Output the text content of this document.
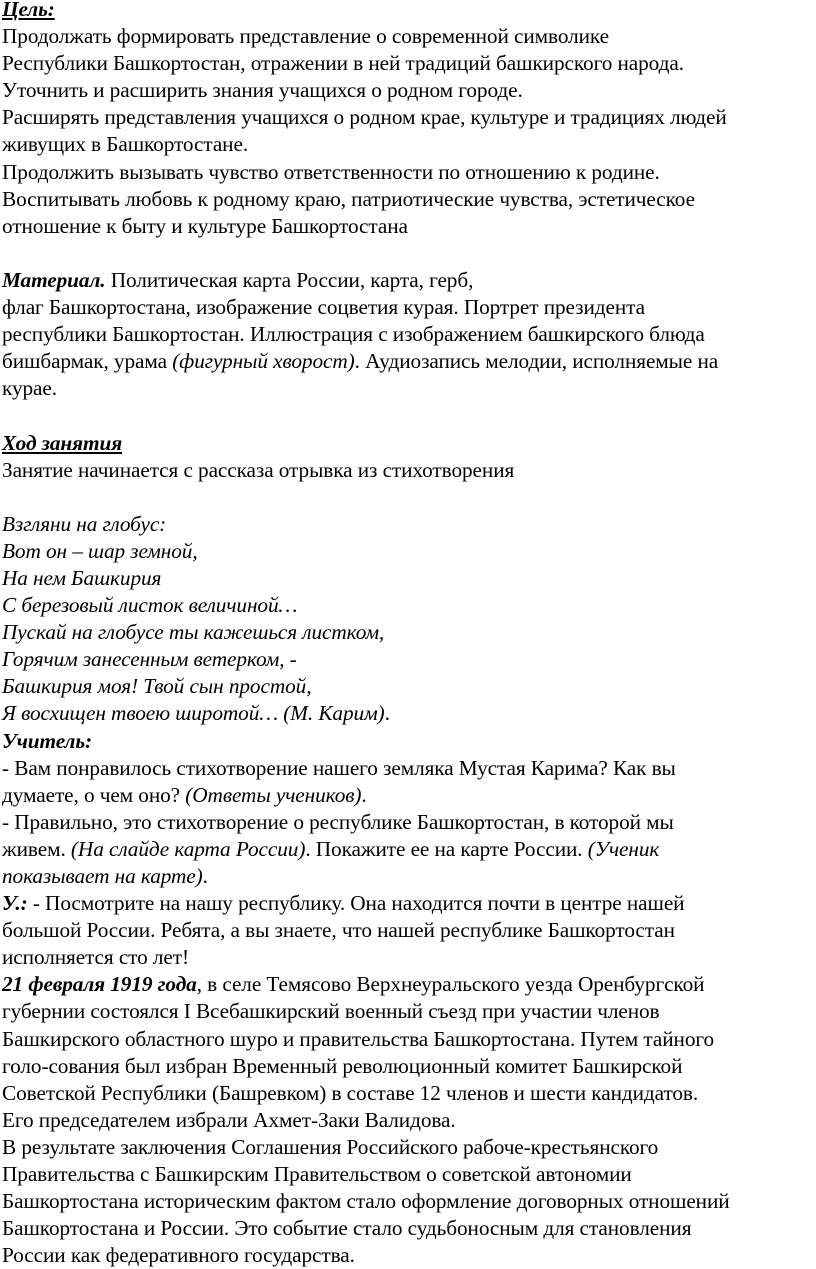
Цель:
Продолжать формировать представление о современной символике
Республики Башкортостан, отражении в ней традиций башкирского народа.
Уточнить и расширить знания учащихся о родном городе.
Расширять представления учащихся о родном крае, культуре и традициях людей
живущих в Башкортостане.
Продолжить вызывать чувство ответственности по отношению к родине.
Воспитывать любовь к родному краю, патриотические чувства, эстетическое
отношение к быту и культуре Башкортостана
Материал. Политическая карта России, карта, герб,
флаг Башкортостана, изображение соцветия курая. Портрет президента
республики Башкортостан. Иллюстрация с изображением башкирского блюда
бишбармак, урама (фигурный хворост). Аудиозапись мелодии, исполняемые на
курае.
Ход занятия
Занятие начинается с рассказа отрывка из стихотворения
Взгляни на глобус:
Вот он – шар земной,
На нем Башкирия
С березовый листок величиной…
Пускай на глобусе ты кажешься листком,
Горячим занесенным ветерком, -
Башкирия моя! Твой сын простой,
Я восхищен твоею широтой… (М. Карим).
Учитель:
- Вам понравилось стихотворение нашего земляка Мустая Карима? Как вы
думаете, о чем оно? (Ответы учеников).
- Правильно, это стихотворение о республике Башкортостан, в которой мы
живем. (На слайде карта России). Покажите ее на карте России. (Ученик
показывает на карте).
У.: - Посмотрите на нашу республику. Она находится почти в центре нашей
большой России. Ребята, а вы знаете, что нашей республике Башкортостан
исполняется сто лет!
21 февраля 1919 года, в селе Темясово Верхнеуральского уезда Оренбургской
губернии состоялся I Всебашкирский военный съезд при участии членов
Башкирского областного шуро и правительства Башкортостана. Путем тайного
голо-сования был избран Временный революционный комитет Башкирской
Советской Республики (Башревком) в составе 12 членов и шести кандидатов.
Его председателем избрали Ахмет-Заки Валидова.
В результате заключения Соглашения Российского рабоче-крестьянского
Правительства с Башкирским Правительством о советской автономии
Башкортостана историческим фактом стало оформление договорных отношений
Башкортостана и России. Это событие стало судьбоносным для становления
России как федеративного государства.
